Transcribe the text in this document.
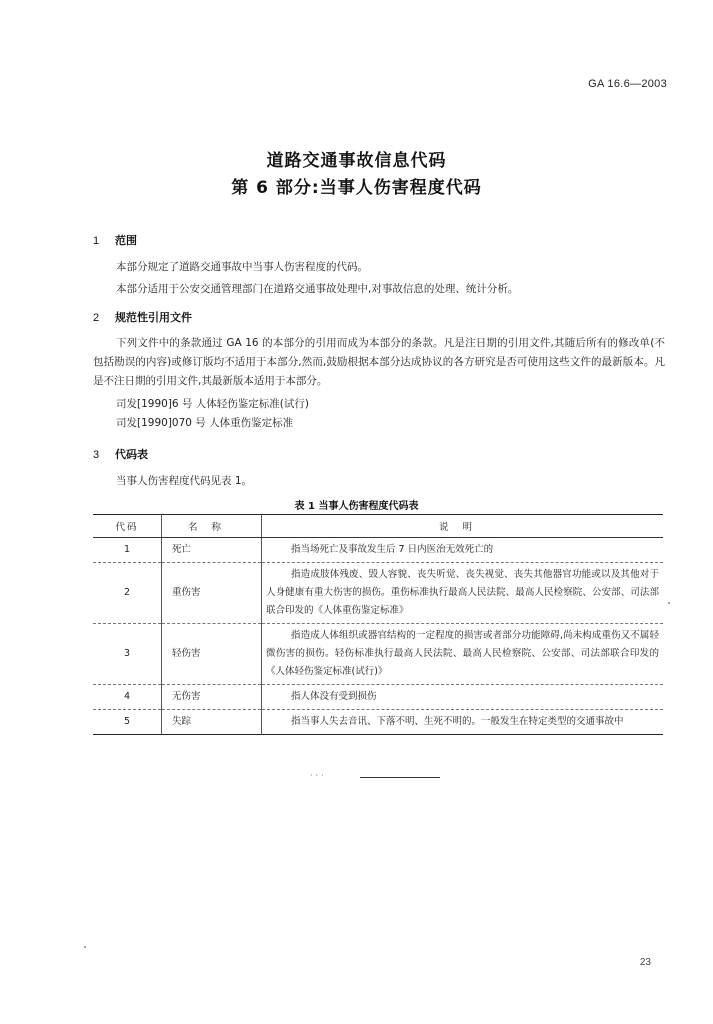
GA 16.6—2003
道路交通事故信息代码
第 6 部分:当事人伤害程度代码
1 范围
本部分规定了道路交通事故中当事人伤害程度的代码。
本部分适用于公安交通管理部门在道路交通事故处理中,对事故信息的处理、统计分析。
2 规范性引用文件
下列文件中的条款通过 GA 16 的本部分的引用而成为本部分的条款。凡是注日期的引用文件,其随后所有的修改单(不包括勘误的内容)或修订版均不适用于本部分,然而,鼓励根据本部分达成协议的各方研究是否可使用这些文件的最新版本。凡是不注日期的引用文件,其最新版本适用于本部分。
司发[1990]6 号 人体轻伤鉴定标准(试行)
司发[1990]070 号 人体重伤鉴定标准
3 代码表
当事人伤害程度代码见表 1。
表 1 当事人伤害程度代码表
代码	名称	说明
1	死亡	指当场死亡及事故发生后 7 日内医治无效死亡的
2	重伤害	指造成肢体残废、毁人容貌、丧失听觉、丧失视觉、丧失其他器官功能或以及其他对于人身健康有重大伤害的损伤。重伤标准执行最高人民法院、最高人民检察院、公安部、司法部联合印发的《人体重伤鉴定标准》
3	轻伤害	指造成人体组织或器官结构的一定程度的损害或者部分功能障碍,尚未构成重伤又不属轻微伤害的损伤。轻伤标准执行最高人民法院、最高人民检察院、公安部、司法部联合印发的《人体轻伤鉴定标准(试行)》
4	无伤害	指人体没有受到损伤
5	失踪	指当事人失去音讯、下落不明、生死不明的。一般发生在特定类型的交通事故中
···
23
